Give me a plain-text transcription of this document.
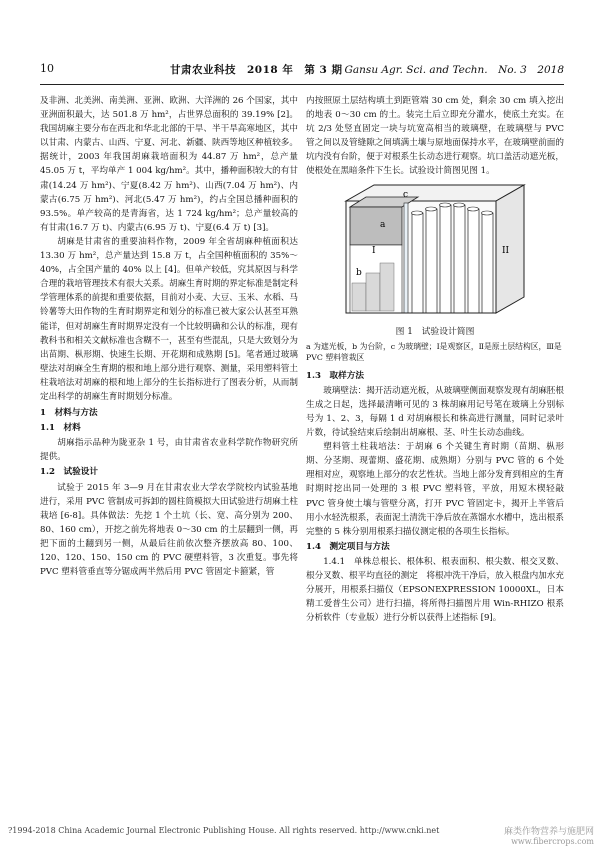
10	甘肃农业科技　2018 年　第 3 期 Gansu Agr. Sci. and Techn.　No. 3　2018

及非洲、北美洲、南美洲、亚洲、欧洲、大洋洲的 26 个国家，其中亚洲面积最大，达 501.8 万 hm²，占世界总面积的 39.19% [2]。我国胡麻主要分布在西北和华北北部的干旱、半干旱高寒地区，其中以甘肃、内蒙古、山西、宁夏、河北、新疆、陕西等地区种植较多。据统计，2003 年我国胡麻栽培面积为 44.87 万 hm²，总产量 45.05 万 t，平均单产 1 004 kg/hm²。其中，播种面积较大的有甘肃(14.24 万 hm²)、宁夏(8.42 万 hm²)、山西(7.04 万 hm²)、内蒙古(6.75 万 hm²)、河北(5.47 万 hm²)，约占全国总播种面积的 93.5%。单产较高的是青海省，达 1 724 kg/hm²；总产量较高的有甘肃(16.7 万 t)、内蒙古(6.95 万 t)、宁夏(6.4 万 t) [3]。

胡麻是甘肃省的重要油料作物，2009 年全省胡麻种植面积达 13.30 万 hm²，总产量达到 15.8 万 t，占全国种植面积的 35%～40%，占全国产量的 40% 以上 [4]。但单产较低，究其原因与科学合理的栽培管理技术有很大关系。胡麻生育时期的界定标准是制定科学管理体系的前提和重要依据，目前对小麦、大豆、玉米、水稻、马铃薯等大田作物的生育时期界定和划分的标准已被大家公认甚至耳熟能详，但对胡麻生育时期界定没有一个比较明确和公认的标准，现有教科书和相关文献标准也含糊不一，甚至有些混乱，只是大致划分为出苗期、枞形期、快速生长期、开花期和成熟期 [5]。笔者通过玻璃壁法对胡麻全生育期的根和地上部分进行观察、测量，采用塑料管土柱栽培法对胡麻的根和地上部分的生长指标进行了图表分析，从而制定出科学的胡麻生育时期划分标准。

1　材料与方法
1.1　材料

胡麻指示品种为陇亚杂 1 号，由甘肃省农业科学院作物研究所提供。

1.2　试验设计

试验于 2015 年 3—9 月在甘肃农业大学农学院校内试验基地进行，采用 PVC 管制成可拆卸的圆柱筒模拟大田试验进行胡麻土柱栽培 [6-8]。具体做法：先挖 1 个土坑（长、宽、高分别为 200、80、160 cm），开挖之前先将地表 0～30 cm 的土层翻到一侧，再把下面的土翻到另一侧，从最后往前依次整齐摆放高 80、100、120、120、150、150 cm 的 PVC 硬塑料管，3 次重复。事先将 PVC 塑料管垂直等分锯成两半然后用 PVC 管固定卡箍紧，管

内按照原土层结构填土到距管端 30 cm 处，剩余 30 cm 填入挖出的地表 0～30 cm 的土。装完土后立即充分灌水，使底土充实。在坑 2/3 处竖直固定一块与坑宽高相当的玻璃壁，在玻璃壁与 PVC 管之间以及管缝隙之间填满土壤与原地面保持水平，在玻璃壁前面的坑内没有台阶，便于对根系生长动态进行观察。坑口盖活动遮光板，使根处在黑暗条件下生长。试验设计简图见图 1。

a
b
c
I	II
图 1　试验设计简图
a 为遮光板，b 为台阶，c 为玻璃壁；Ⅰ是观察区，Ⅱ是原土层结构区，Ⅲ是 PVC 塑料管栽区
1.3　取样方法

玻璃壁法：揭开活动遮光板，从玻璃壁侧面观察发现有胡麻胚根生成之日起，选择最清晰可见的 3 株胡麻用记号笔在玻璃上分别标号为 1、2、3，每隔 1 d 对胡麻根长和株高进行测量，同时记录叶片数，待试验结束后绘制出胡麻根、茎、叶生长动态曲线。

塑料管土柱栽培法：于胡麻 6 个关键生育时期（苗期、枞形期、分茎期、现蕾期、盛花期、成熟期）分别与 PVC 管的 6 个处理相对应，观察地上部分的农艺性状。当地上部分发育到相应的生育时期时挖出同一处理的 3 根 PVC 塑料管，平放，用短木楔轻敲 PVC 管身使土壤与管壁分离，打开 PVC 管固定卡，揭开上半管后用小水轻洗根系，表面泥土清洗干净后放在蒸馏水水槽中，选出根系完整的 5 株分别用根系扫描仪测定根的各项生长指标。

1.4　测定项目与方法

1.4.1　单株总根长、根体积、根表面积、根尖数、根交叉数、根分叉数、根平均直径的测定　将根冲洗干净后，放入根盘内加水充分展开，用根系扫描仪（EPSONEXPRESSION 10000XL，日本精工爱普生公司）进行扫描，将所得扫描图片用 Win-RHIZO 根系分析软件（专业版）进行分析以获得上述指标 [9]。

?1994-2018 China Academic Journal Electronic Publishing House. All rights reserved. http://www.cnki.net	麻类作物营养与施肥网
www.fibercrops.com
